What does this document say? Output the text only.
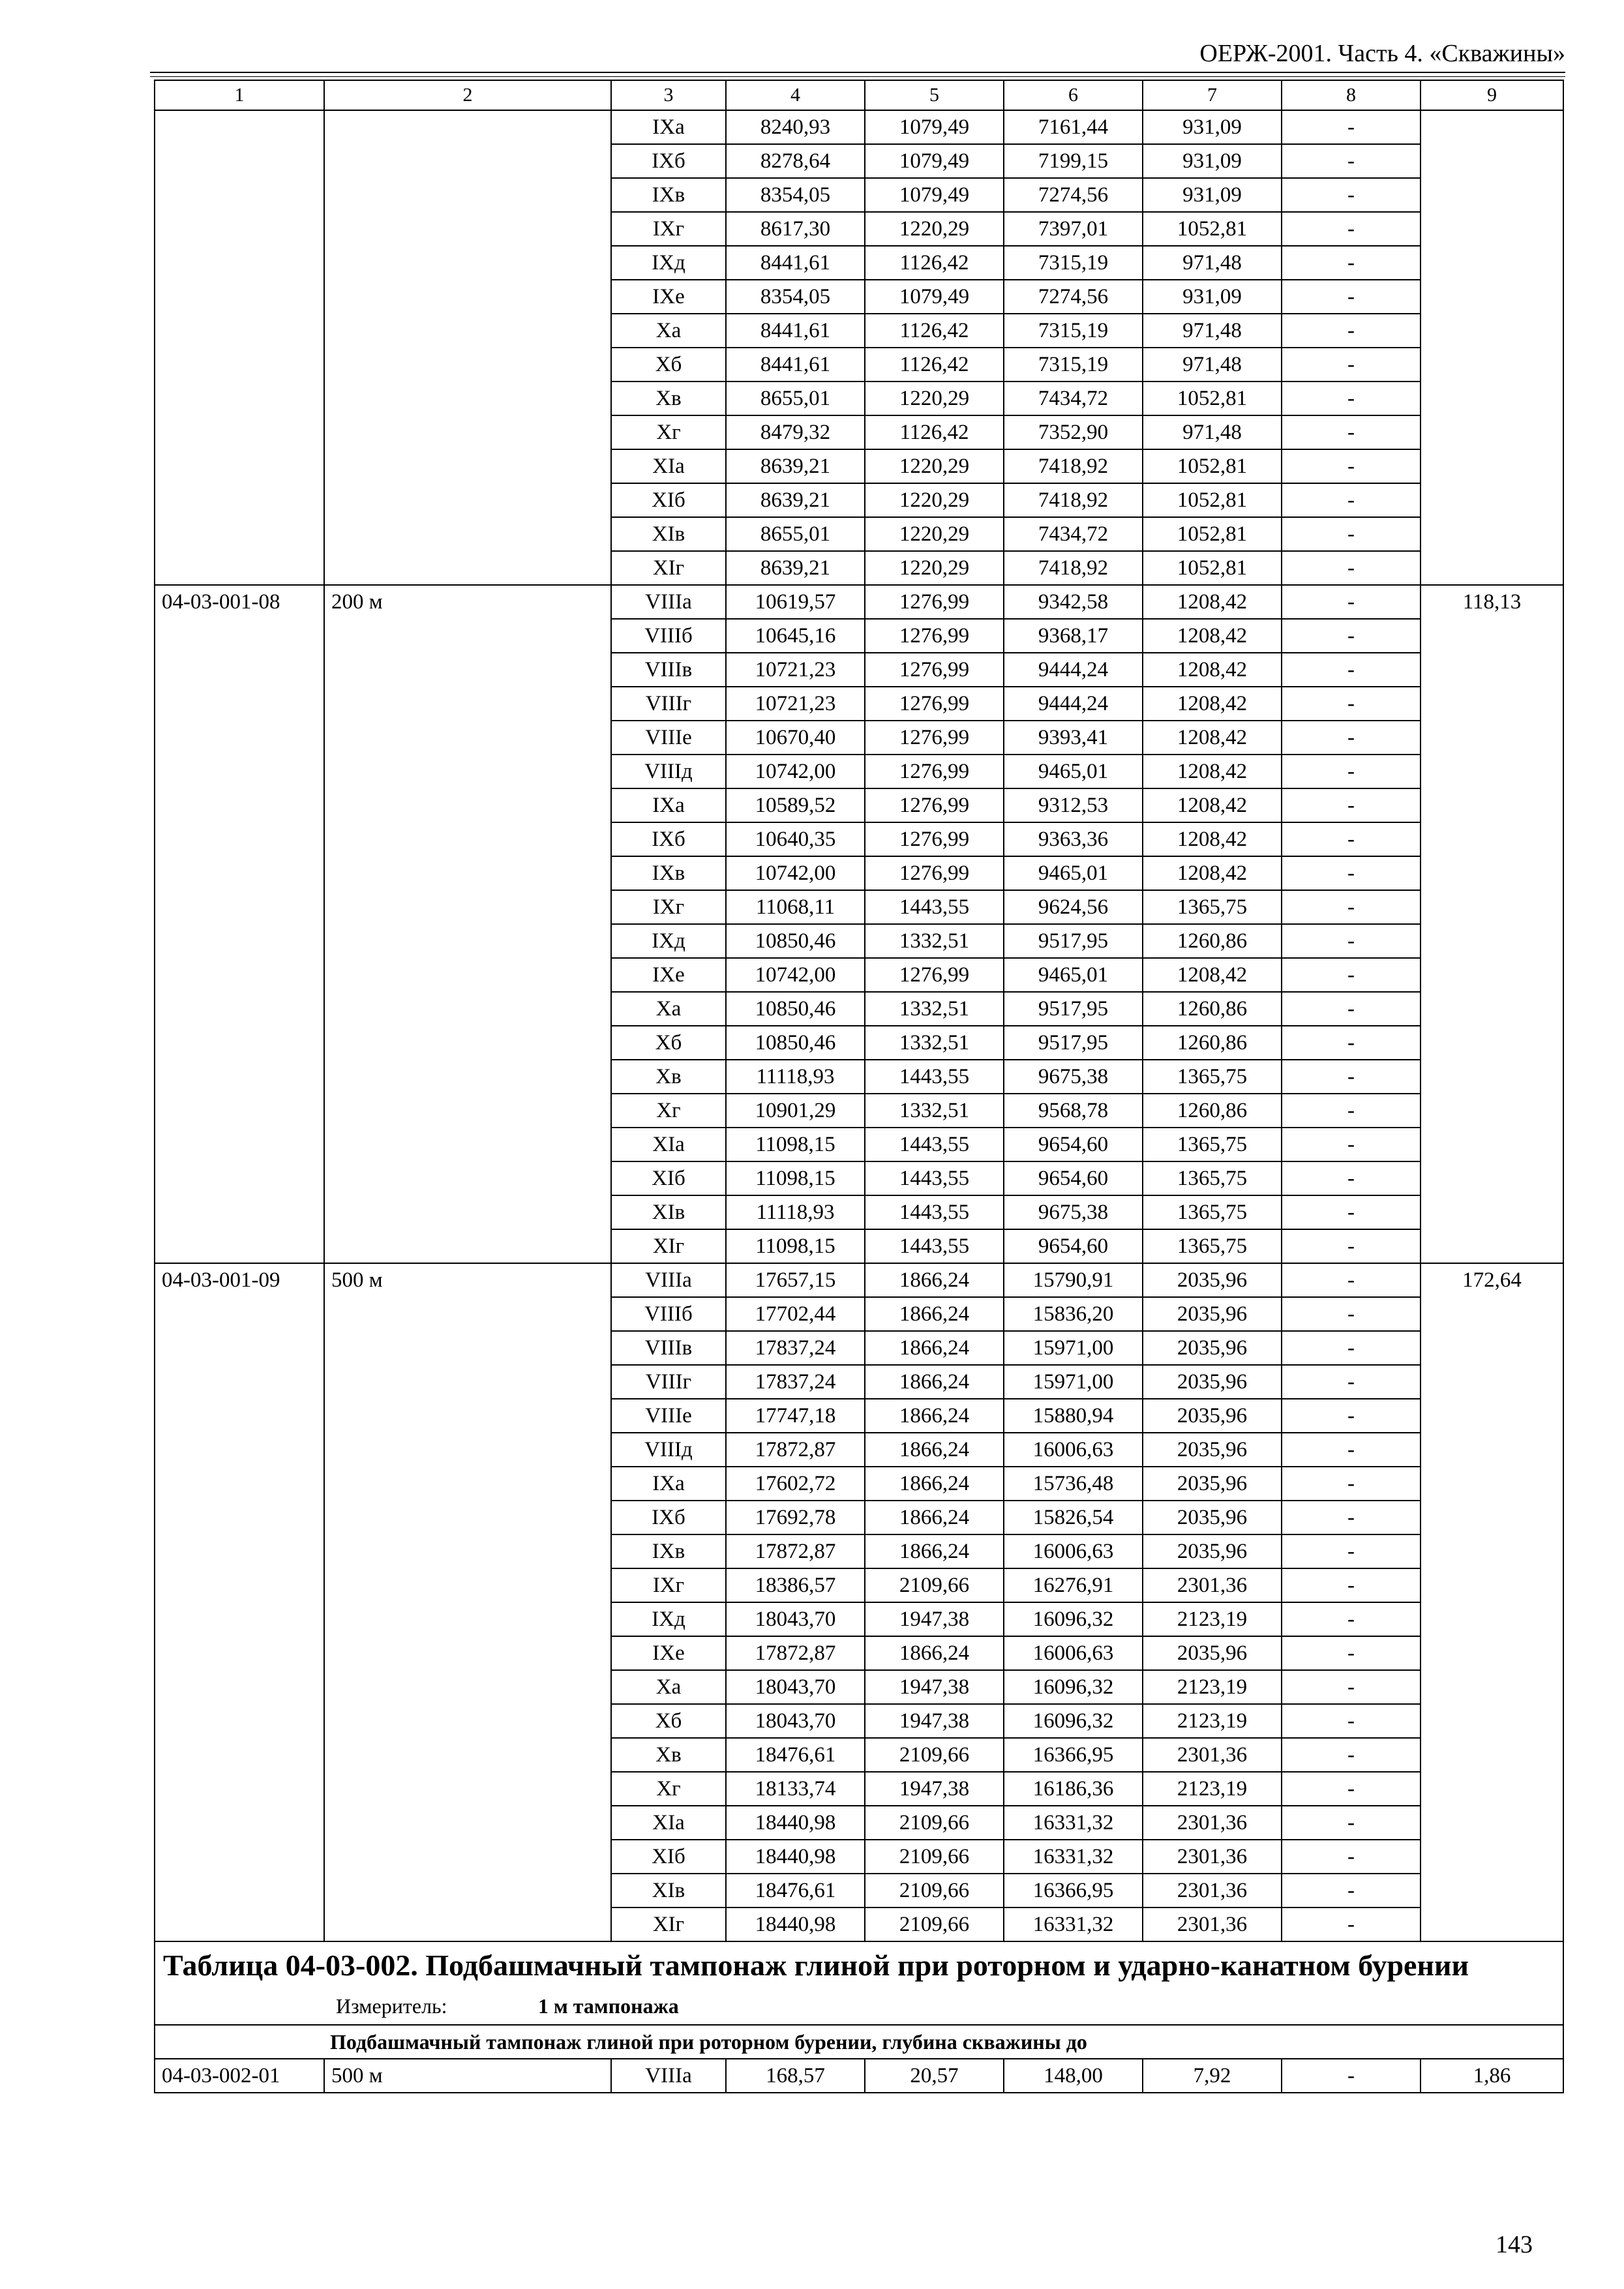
ОЕРЖ-2001. Часть 4. «Скважины»
1	2	3	4	5	6	7	8	9
		IXа	8240,93	1079,49	7161,44	931,09	-	
		IXб	8278,64	1079,49	7199,15	931,09	-	
		IXв	8354,05	1079,49	7274,56	931,09	-	
		IXг	8617,30	1220,29	7397,01	1052,81	-	
		IXд	8441,61	1126,42	7315,19	971,48	-	
		IXе	8354,05	1079,49	7274,56	931,09	-	
		Xа	8441,61	1126,42	7315,19	971,48	-	
		Xб	8441,61	1126,42	7315,19	971,48	-	
		Xв	8655,01	1220,29	7434,72	1052,81	-	
		Xг	8479,32	1126,42	7352,90	971,48	-	
		XIа	8639,21	1220,29	7418,92	1052,81	-	
		XIб	8639,21	1220,29	7418,92	1052,81	-	
		XIв	8655,01	1220,29	7434,72	1052,81	-	
		XIг	8639,21	1220,29	7418,92	1052,81	-	
04-03-001-08	200 м	VIIIа	10619,57	1276,99	9342,58	1208,42	-	118,13
		VIIIб	10645,16	1276,99	9368,17	1208,42	-	
		VIIIв	10721,23	1276,99	9444,24	1208,42	-	
		VIIIг	10721,23	1276,99	9444,24	1208,42	-	
		VIIIе	10670,40	1276,99	9393,41	1208,42	-	
		VIIIд	10742,00	1276,99	9465,01	1208,42	-	
		IXа	10589,52	1276,99	9312,53	1208,42	-	
		IXб	10640,35	1276,99	9363,36	1208,42	-	
		IXв	10742,00	1276,99	9465,01	1208,42	-	
		IXг	11068,11	1443,55	9624,56	1365,75	-	
		IXд	10850,46	1332,51	9517,95	1260,86	-	
		IXе	10742,00	1276,99	9465,01	1208,42	-	
		Xа	10850,46	1332,51	9517,95	1260,86	-	
		Xб	10850,46	1332,51	9517,95	1260,86	-	
		Xв	11118,93	1443,55	9675,38	1365,75	-	
		Xг	10901,29	1332,51	9568,78	1260,86	-	
		XIа	11098,15	1443,55	9654,60	1365,75	-	
		XIб	11098,15	1443,55	9654,60	1365,75	-	
		XIв	11118,93	1443,55	9675,38	1365,75	-	
		XIг	11098,15	1443,55	9654,60	1365,75	-	
04-03-001-09	500 м	VIIIа	17657,15	1866,24	15790,91	2035,96	-	172,64
		VIIIб	17702,44	1866,24	15836,20	2035,96	-	
		VIIIв	17837,24	1866,24	15971,00	2035,96	-	
		VIIIг	17837,24	1866,24	15971,00	2035,96	-	
		VIIIе	17747,18	1866,24	15880,94	2035,96	-	
		VIIIд	17872,87	1866,24	16006,63	2035,96	-	
		IXа	17602,72	1866,24	15736,48	2035,96	-	
		IXб	17692,78	1866,24	15826,54	2035,96	-	
		IXв	17872,87	1866,24	16006,63	2035,96	-	
		IXг	18386,57	2109,66	16276,91	2301,36	-	
		IXд	18043,70	1947,38	16096,32	2123,19	-	
		IXе	17872,87	1866,24	16006,63	2035,96	-	
		Xа	18043,70	1947,38	16096,32	2123,19	-	
		Xб	18043,70	1947,38	16096,32	2123,19	-	
		Xв	18476,61	2109,66	16366,95	2301,36	-	
		Xг	18133,74	1947,38	16186,36	2123,19	-	
		XIа	18440,98	2109,66	16331,32	2301,36	-	
		XIб	18440,98	2109,66	16331,32	2301,36	-	
		XIв	18476,61	2109,66	16366,95	2301,36	-	
		XIг	18440,98	2109,66	16331,32	2301,36	-	

Таблица 04-03-002. Подбашмачный тампонаж глиной при роторном и ударно-канатном бурении
Измеритель: 1 м тампонажа								

Подбашмачный тампонаж глиной при роторном бурении, глубина скважины до								
04-03-002-01	500 м	VIIIа	168,57	20,57	148,00	7,92	-	1,86
143
